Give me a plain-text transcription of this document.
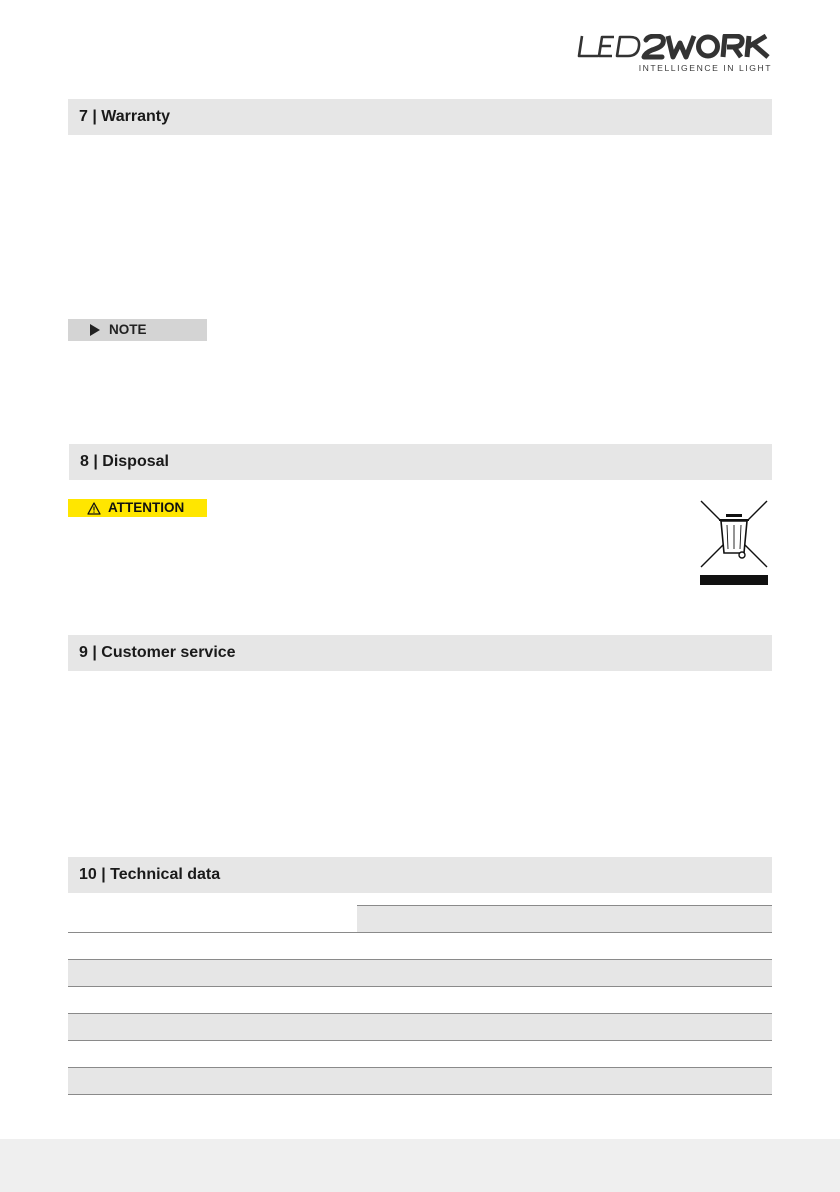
INTELLIGENCE IN LIGHT
7 | Warranty
NOTE
8 | Disposal
ATTENTION
9 | Customer service
10 | Technical data
